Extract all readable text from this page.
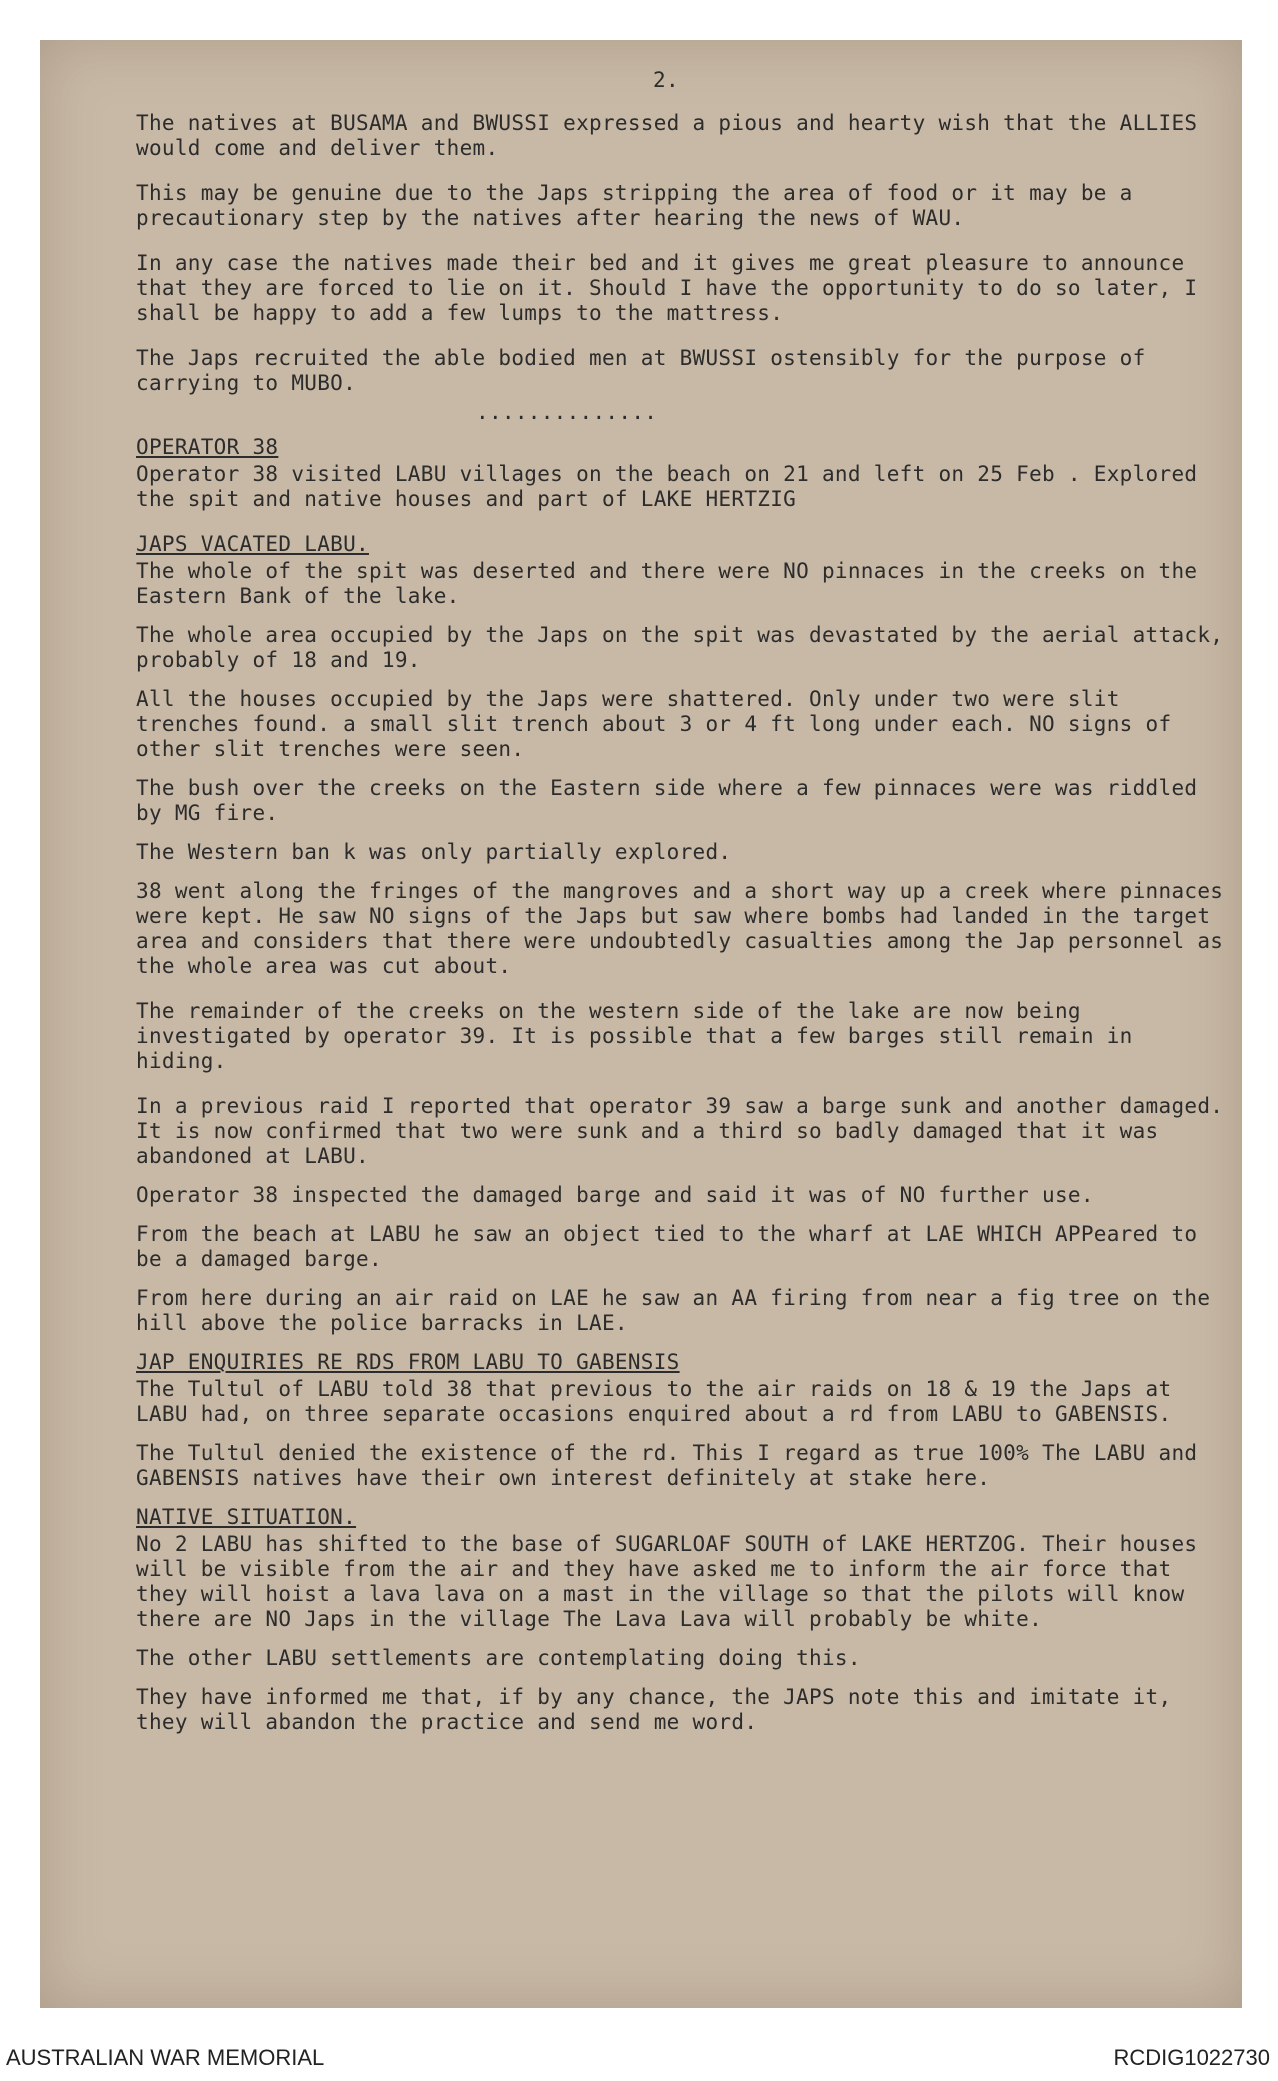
2.

The natives at BUSAMA and BWUSSI expressed a pious and hearty wish that the ALLIES would come and deliver them.

This may be genuine due to the Japs stripping the area of food or it may be a precautionary step by the natives after hearing the news of WAU.

In any case the natives made their bed and it gives me great pleasure to announce that they are forced to lie on it. Should I have the opportunity to do so later, I shall be happy to add a few lumps to the mattress.

The Japs recruited the able bodied men at BWUSSI ostensibly for the purpose of carrying to MUBO.

..............
OPERATOR 38

Operator 38 visited LABU villages on the beach on 21 and left on 25 Feb . Explored the spit and native houses and part of LAKE HERTZIG

JAPS VACATED LABU.

The whole of the spit was deserted and there were NO pinnaces in the creeks on the Eastern Bank of the lake.

The whole area occupied by the Japs on the spit was devastated by the aerial attack, probably of 18 and 19.

All the houses occupied by the Japs were shattered. Only under two were slit trenches found. a small slit trench about 3 or 4 ft long under each. NO signs of other slit trenches were seen.

The bush over the creeks on the Eastern side where a few pinnaces were was riddled by MG fire.

The Western ban k was only partially explored.

38 went along the fringes of the mangroves and a short way up a creek where pinnaces were kept. He saw NO signs of the Japs but saw where bombs had landed in the target area and considers that there were undoubtedly casualties among the Jap personnel as the whole area was cut about.

The remainder of the creeks on the western side of the lake are now being investigated by operator 39. It is possible that a few barges still remain in hiding.

In a previous raid I reported that operator 39 saw a barge sunk and another damaged. It is now confirmed that two were sunk and a third so badly damaged that it was abandoned at LABU.

Operator 38 inspected the damaged barge and said it was of NO further use.

From the beach at LABU he saw an object tied to the wharf at LAE WHICH APPeared to be a damaged barge.

From here during an air raid on LAE he saw an AA firing from near a fig tree on the hill above the police barracks in LAE.

JAP ENQUIRIES RE RDS FROM LABU TO GABENSIS

The Tultul of LABU told 38 that previous to the air raids on 18 & 19 the Japs at LABU had, on three separate occasions enquired about a rd from LABU to GABENSIS.

The Tultul denied the existence of the rd. This I regard as true 100% The LABU and GABENSIS natives have their own interest definitely at stake here.

NATIVE SITUATION.

No 2 LABU has shifted to the base of SUGARLOAF SOUTH of LAKE HERTZOG. Their houses will be visible from the air and they have asked me to inform the air force that they will hoist a lava lava on a mast in the village so that the pilots will know there are NO Japs in the village The Lava Lava will probably be white.

The other LABU settlements are contemplating doing this.

They have informed me that, if by any chance, the JAPS note this and imitate it, they will abandon the practice and send me word.

AUSTRALIAN WAR MEMORIAL	RCDIG1022730
